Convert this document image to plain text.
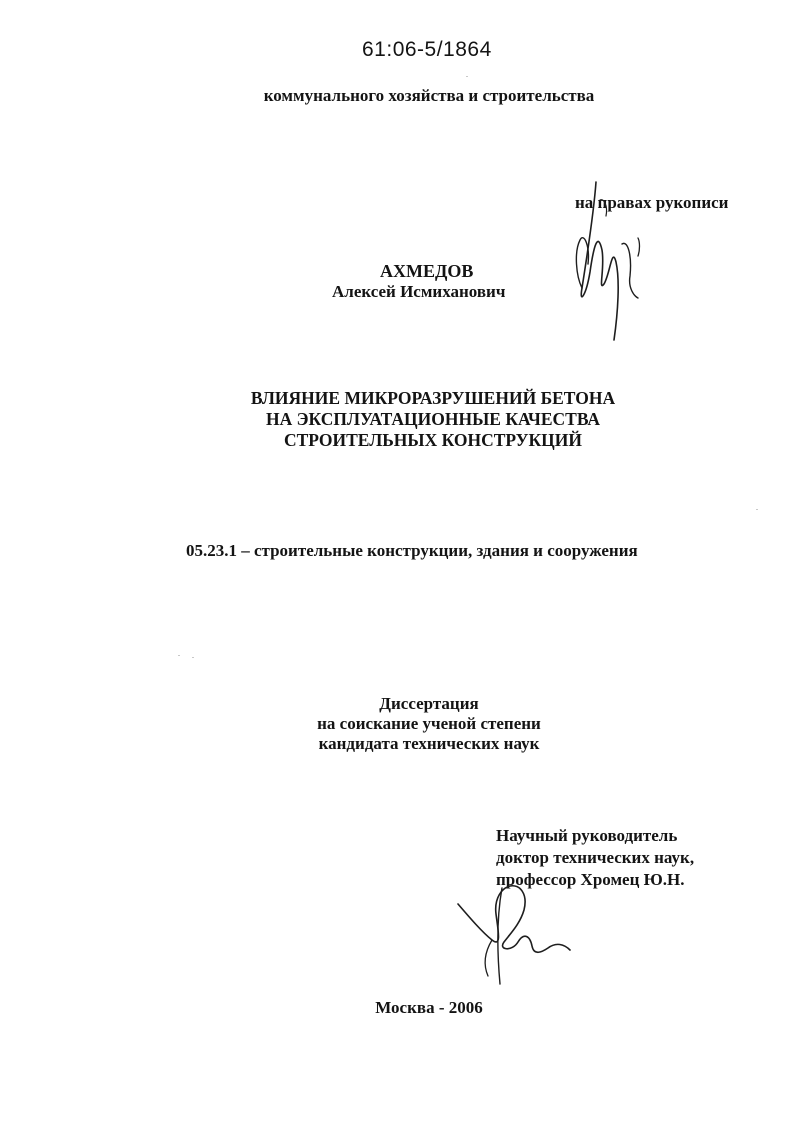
61:06-5/1864
коммунального хозяйства и строительства
на правах рукописи
АХМЕДОВ
Алексей Исмиханович
ВЛИЯНИЕ МИКРОРАЗРУШЕНИЙ БЕТОНА
НА ЭКСПЛУАТАЦИОННЫЕ КАЧЕСТВА
СТРОИТЕЛЬНЫХ КОНСТРУКЦИЙ
05.23.1 – строительные конструкции, здания и сооружения
Диссертация
на соискание ученой степени
кандидата технических наук
Научный руководитель
доктор технических наук,
профессор Хромец Ю.Н.
Москва - 2006
